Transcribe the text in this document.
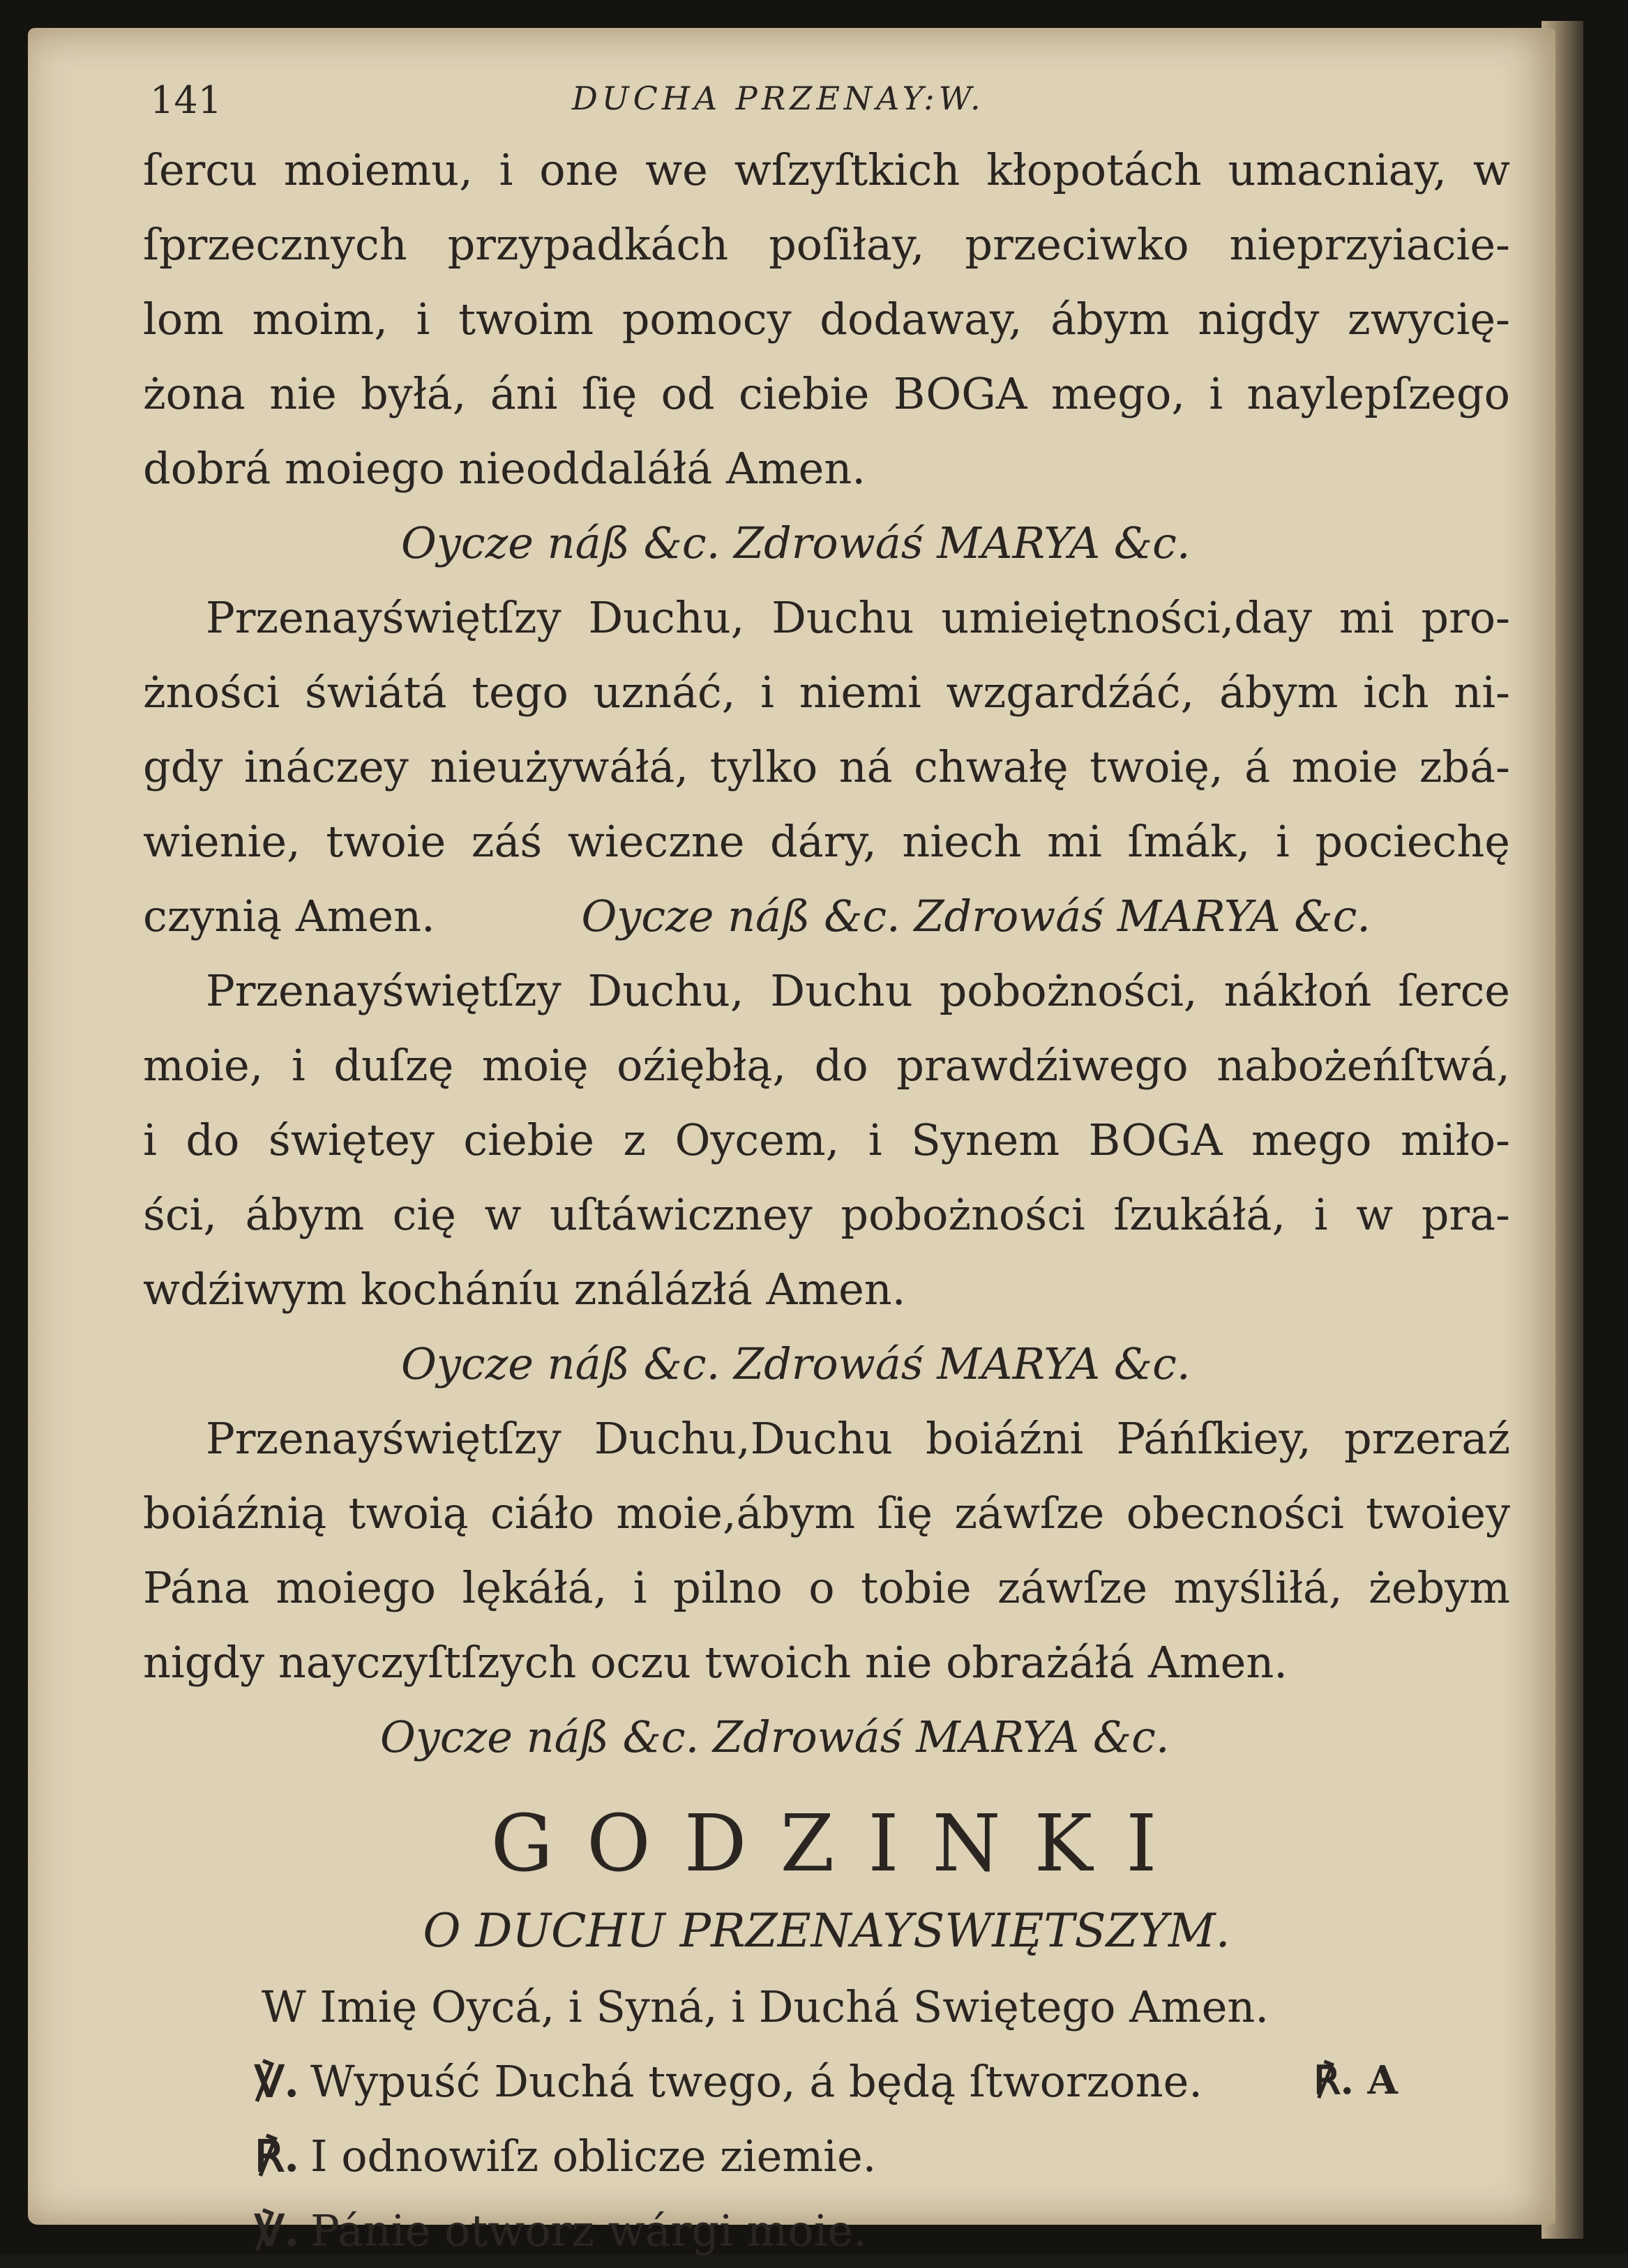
141	DUCHA PRZENAY:W.
ſercu moiemu, i one we wſzyſtkich kłopotách umacniay, w
ſprzecznych przypadkách poſiłay, przeciwko nieprzyiacie-
lom moim, i twoim pomocy dodaway, ábym nigdy zwycię-
żona nie byłá, áni ſię od ciebie BOGA mego, i naylepſzego
dobrá moiego nieoddaláłá Amen.
Oycze náß &c. Zdrowáś MARYA &c.
Przenayświętſzy Duchu, Duchu umieiętności,day mi pro-
żności świátá tego uznáć, i niemi wzgardźáć, ábym ich ni-
gdy ináczey nieużywáłá, tylko ná chwałę twoię, á moie zbá-
wienie, twoie záś wieczne dáry, niech mi ſmák, i pociechę
czynią Amen.	Oycze náß &c. Zdrowáś MARYA &c.
Przenayświętſzy Duchu, Duchu pobożności, nákłoń ſerce
moie, i duſzę moię oźiębłą, do prawdźiwego nabożeńſtwá,
i do świętey ciebie z Oycem, i Synem BOGA mego miło-
ści, ábym cię w uſtáwiczney pobożności ſzukáłá, i w pra-
wdźiwym kocháníu ználázłá Amen.
Oycze náß &c. Zdrowáś MARYA &c.
Przenayświętſzy Duchu,Duchu boiáźni Páńſkiey, przeraź
boiáźnią twoią ciáło moie,ábym ſię záwſze obecności twoiey
Pána moiego lękáłá, i pilno o tobie záwſze myśliłá, żebym
nigdy nayczyſtſzych oczu twoich nie obrażáłá Amen.
Oycze náß &c. Zdrowáś MARYA &c.
GODZINKI
O DUCHU PRZENAYSWIĘTSZYM.
W Imię Oycá, i Syná, i Duchá Swiętego Amen.
℣. Wypuść Duchá twego, á będą ſtworzone.
℟. I odnowiſz oblicze ziemie.
℣. Pánie otworz wárgi moie.
℟. A
